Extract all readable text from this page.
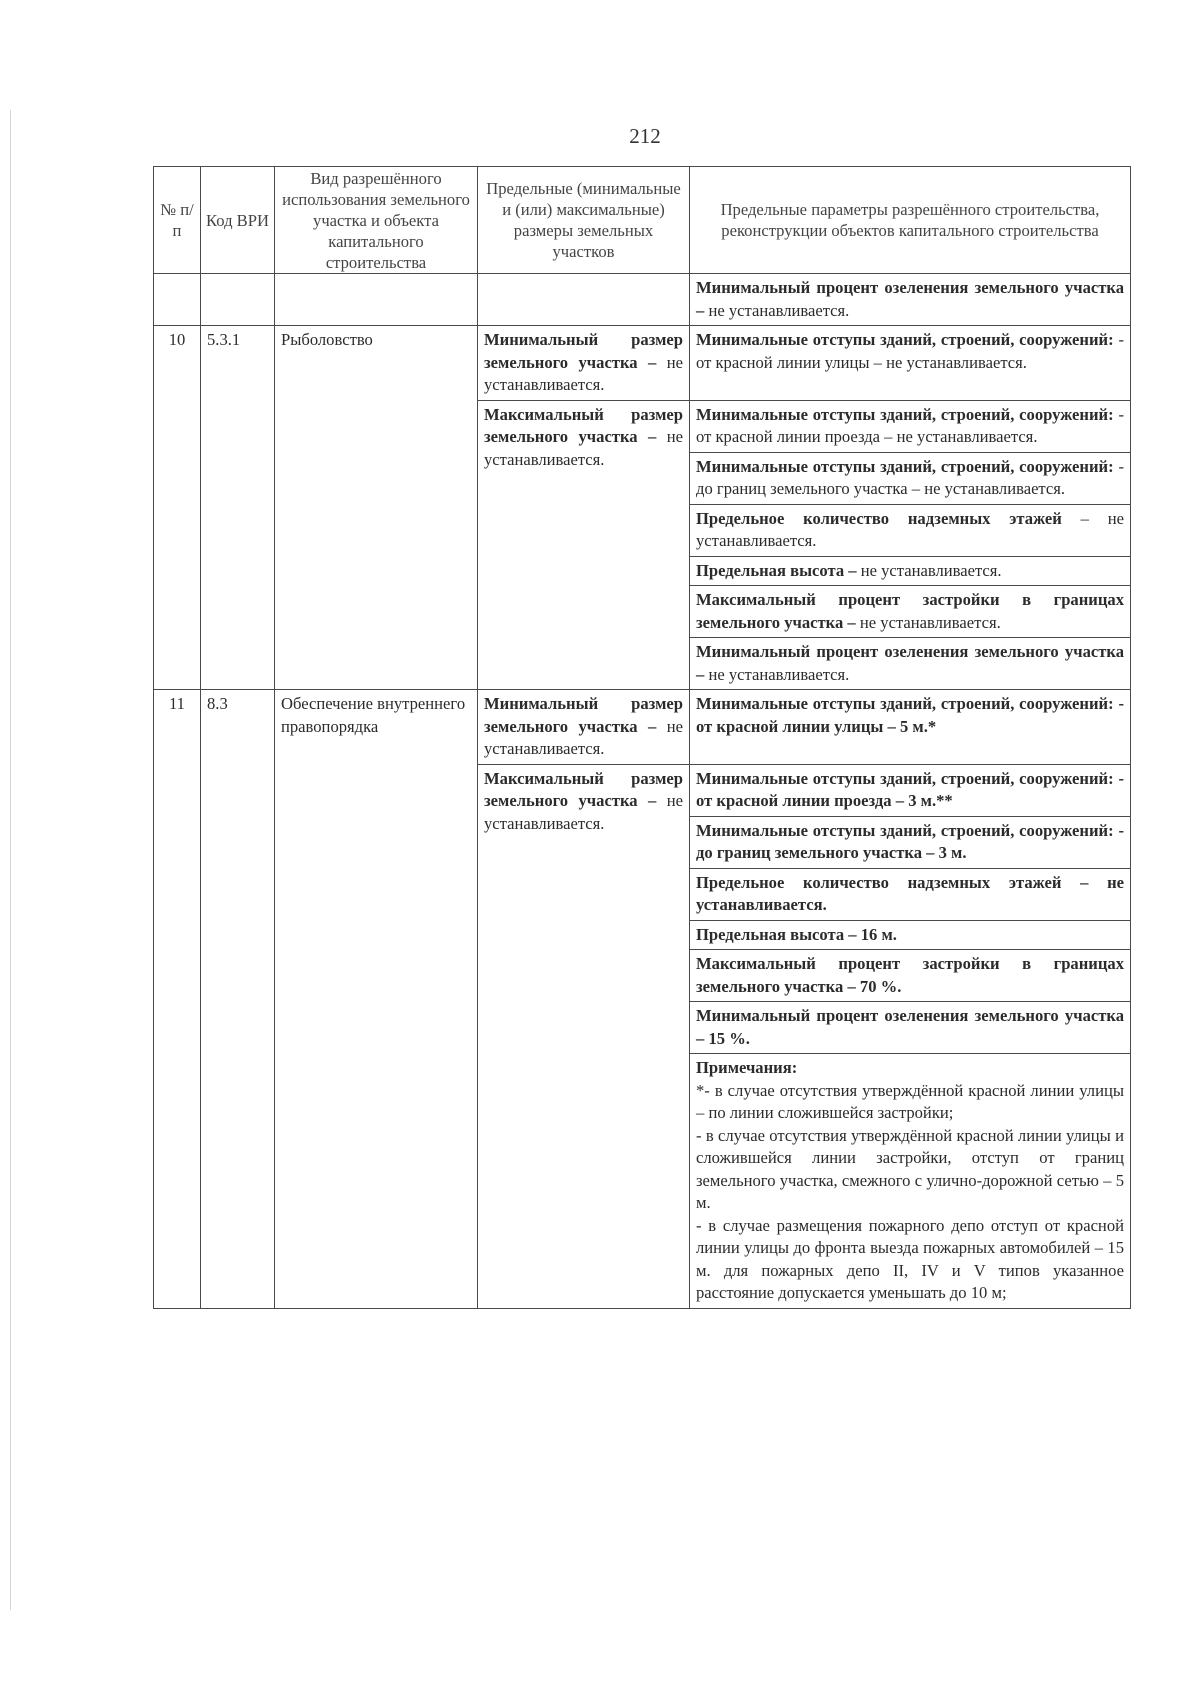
212
№ п/п	Код ВРИ	Вид разрешённого использования земельного участка и объекта капитального строительства	Предельные (минимальные и (или) максимальные) размеры земельных участков	Предельные параметры разрешённого строительства, реконструкции объектов капитального строительства
				Минимальный процент озеленения земельного участка – не устанавливается.
10	5.3.1	Рыболовство	Минимальный размер земельного участка – не устанавливается.	Минимальные отступы зданий, строений, сооружений: - от красной линии улицы – не устанавливается.
			Максимальный размер земельного участка – не устанавливается.	Минимальные отступы зданий, строений, сооружений: - от красной линии проезда – не устанавливается.
				Минимальные отступы зданий, строений, сооружений: - до границ земельного участка – не устанавливается.
				Предельное количество надземных этажей – не устанавливается.
				Предельная высота – не устанавливается.
				Максимальный процент застройки в границах земельного участка – не устанавливается.
				Минимальный процент озеленения земельного участка – не устанавливается.
11	8.3	Обеспечение внутреннего правопорядка	Минимальный размер земельного участка – не устанавливается.	Минимальные отступы зданий, строений, сооружений: - от красной линии улицы – 5 м.*
			Максимальный размер земельного участка – не устанавливается.	Минимальные отступы зданий, строений, сооружений: - от красной линии проезда – 3 м.**
				Минимальные отступы зданий, строений, сооружений: - до границ земельного участка – 3 м.
				Предельное количество надземных этажей – не устанавливается.
				Предельная высота – 16 м.
				Максимальный процент застройки в границах земельного участка – 70 %.
				Минимальный процент озеленения земельного участка – 15 %.
				Примечания:
*- в случае отсутствия утверждённой красной линии улицы – по линии сложившейся застройки;
- в случае отсутствия утверждённой красной линии улицы и сложившейся линии застройки, отступ от границ земельного участка, смежного с улично-дорожной сетью – 5 м.
- в случае размещения пожарного депо отступ от красной линии улицы до фронта выезда пожарных автомобилей – 15 м. для пожарных депо II, IV и V типов указанное расстояние допускается уменьшать до 10 м;
